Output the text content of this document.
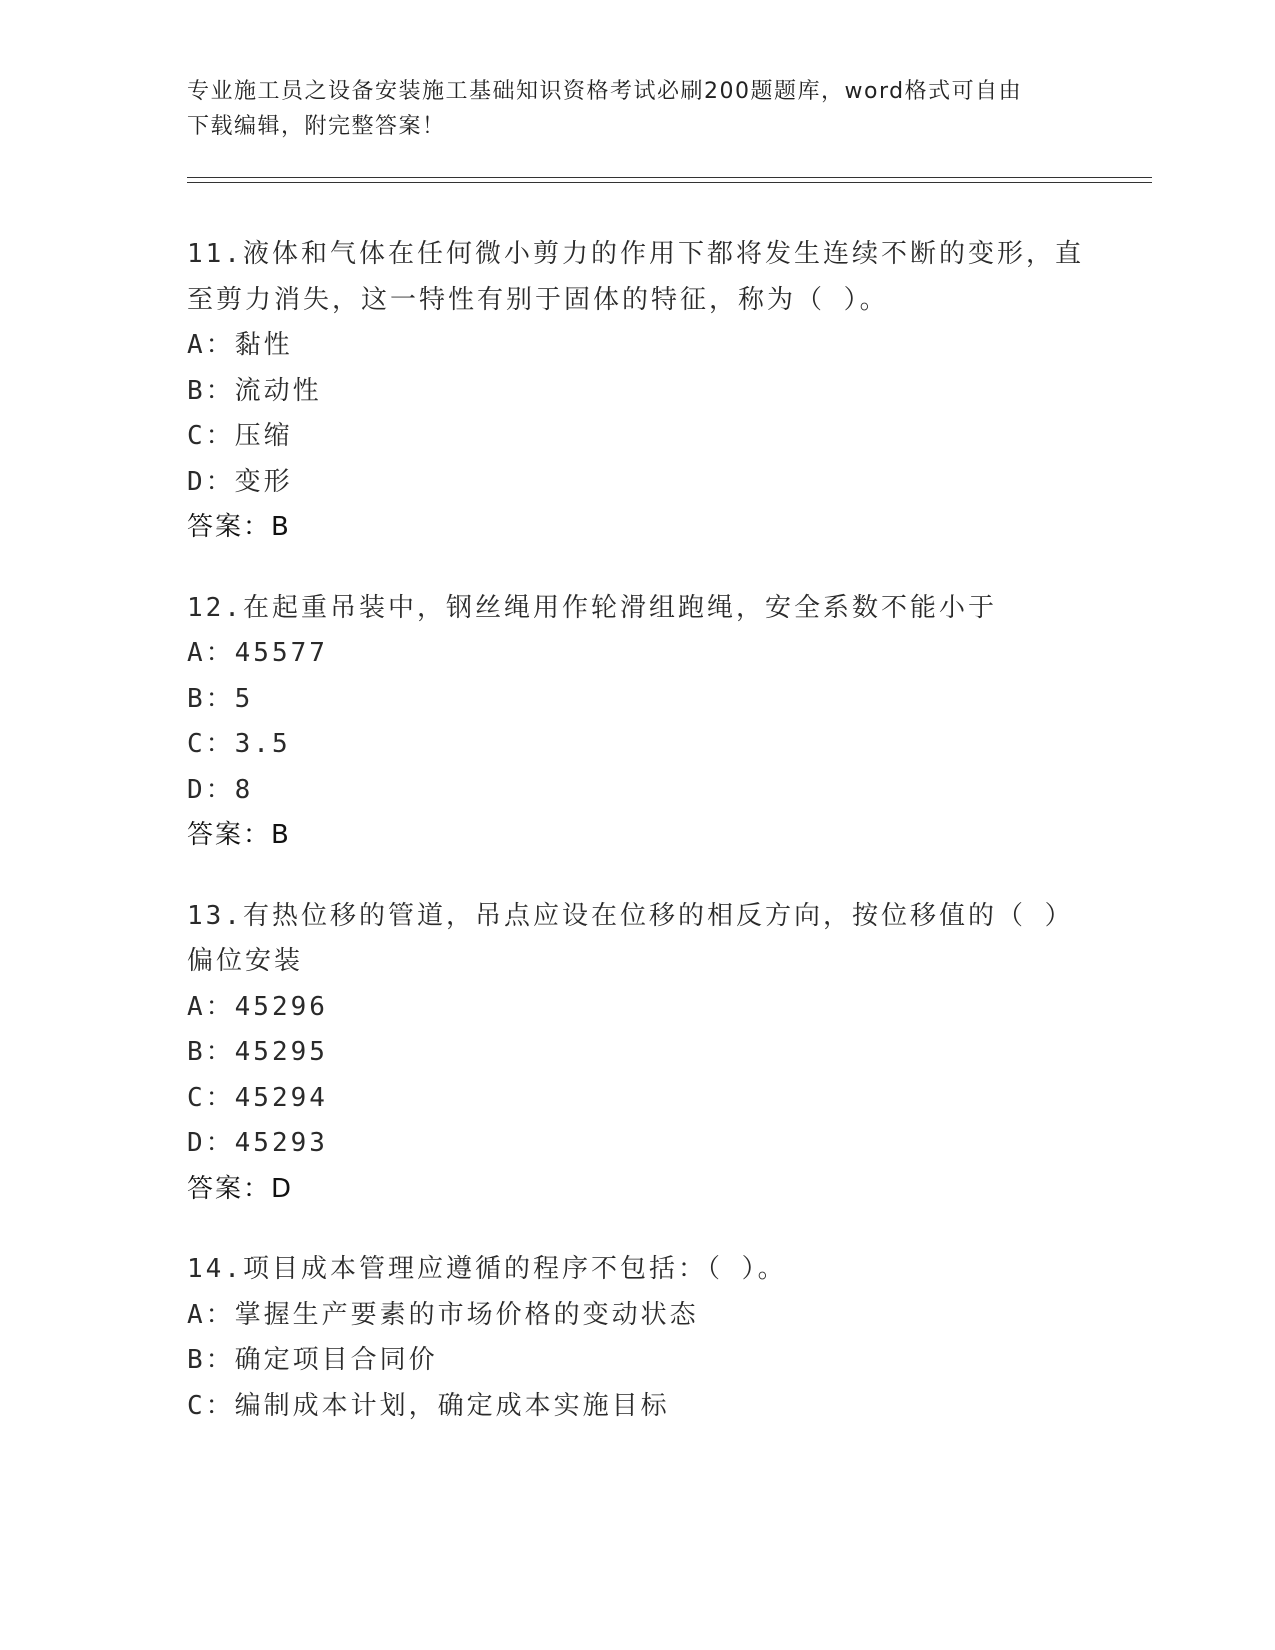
专业施工员之设备安装施工基础知识资格考试必刷200题题库，word格式可自由
下载编辑，附完整答案！
11.液体和气体在任何微小剪力的作用下都将发生连续不断的变形，直
至剪力消失，这一特性有别于固体的特征，称为（ ）。
A：黏性
B：流动性
C：压缩
D：变形
答案：B
12.在起重吊装中，钢丝绳用作轮滑组跑绳，安全系数不能小于
A：45577
B：5
C：3.5
D：8
答案：B
13.有热位移的管道，吊点应设在位移的相反方向，按位移值的（ ）
偏位安装
A：45296
B：45295
C：45294
D：45293
答案：D
14.项目成本管理应遵循的程序不包括：（ ）。
A：掌握生产要素的市场价格的变动状态
B：确定项目合同价
C：编制成本计划，确定成本实施目标
